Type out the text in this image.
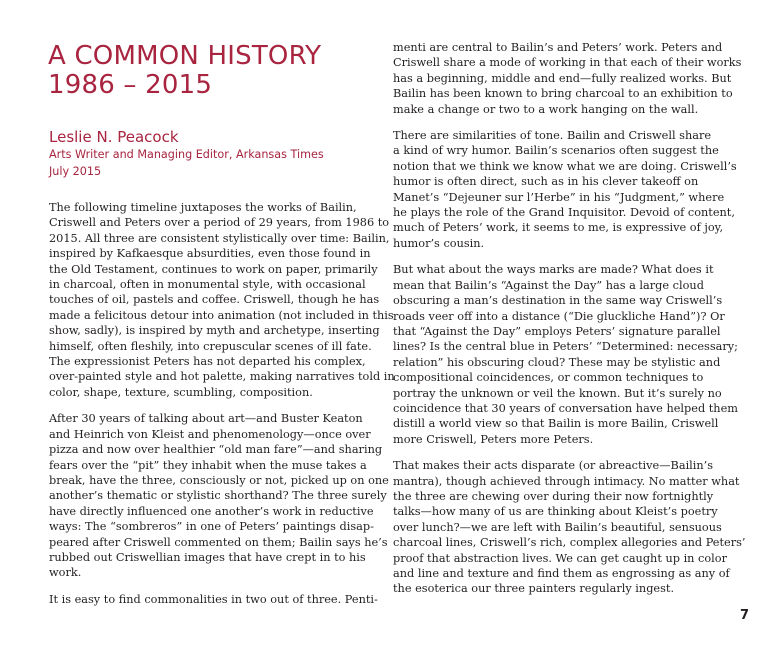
A COMMON HISTORY
1986 – 2015

Leslie N. Peacock

Arts Writer and Managing Editor, Arkansas Times

July 2015

The following timeline juxtaposes the works of Bailin,
Criswell and Peters over a period of 29 years, from 1986 to
2015. All three are consistent stylistically over time: Bailin,
inspired by Kafkaesque absurdities, even those found in
the Old Testament, continues to work on paper, primarily
in charcoal, often in monumental style, with occasional
touches of oil, pastels and coffee. Criswell, though he has
made a felicitous detour into animation (not included in this
show, sadly), is inspired by myth and archetype, inserting
himself, often fleshily, into crepuscular scenes of ill fate.
The expressionist Peters has not departed his complex,
over-painted style and hot palette, making narratives told in
color, shape, texture, scumbling, composition.

After 30 years of talking about art—and Buster Keaton
and Heinrich von Kleist and phenomenology—once over
pizza and now over healthier “old man fare”—and sharing
fears over the “pit” they inhabit when the muse takes a
break, have the three, consciously or not, picked up on one
another’s thematic or stylistic shorthand? The three surely
have directly influenced one another’s work in reductive
ways: The “sombreros” in one of Peters’ paintings disap-
peared after Criswell commented on them; Bailin says he’s
rubbed out Criswellian images that have crept in to his
work.

It is easy to find commonalities in two out of three. Penti-

menti are central to Bailin’s and Peters’ work. Peters and
Criswell share a mode of working in that each of their works
has a beginning, middle and end—fully realized works. But
Bailin has been known to bring charcoal to an exhibition to
make a change or two to a work hanging on the wall.

There are similarities of tone. Bailin and Criswell share
a kind of wry humor. Bailin’s scenarios often suggest the
notion that we think we know what we are doing. Criswell’s
humor is often direct, such as in his clever takeoff on
Manet’s “Dejeuner sur l’Herbe” in his “Judgment,” where
he plays the role of the Grand Inquisitor. Devoid of content,
much of Peters’ work, it seems to me, is expressive of joy,
humor’s cousin.

But what about the ways marks are made? What does it
mean that Bailin’s “Against the Day” has a large cloud
obscuring a man’s destination in the same way Criswell’s
roads veer off into a distance (“Die gluckliche Hand”)? Or
that “Against the Day” employs Peters’ signature parallel
lines? Is the central blue in Peters’ “Determined: necessary;
relation” his obscuring cloud? These may be stylistic and
compositional coincidences, or common techniques to
portray the unknown or veil the known. But it’s surely no
coincidence that 30 years of conversation have helped them
distill a world view so that Bailin is more Bailin, Criswell
more Criswell, Peters more Peters.

That makes their acts disparate (or abreactive—Bailin’s
mantra), though achieved through intimacy. No matter what
the three are chewing over during their now fortnightly
talks—how many of us are thinking about Kleist’s poetry
over lunch?—we are left with Bailin’s beautiful, sensuous
charcoal lines, Criswell’s rich, complex allegories and Peters’
proof that abstraction lives. We can get caught up in color
and line and texture and find them as engrossing as any of
the esoterica our three painters regularly ingest.

7
